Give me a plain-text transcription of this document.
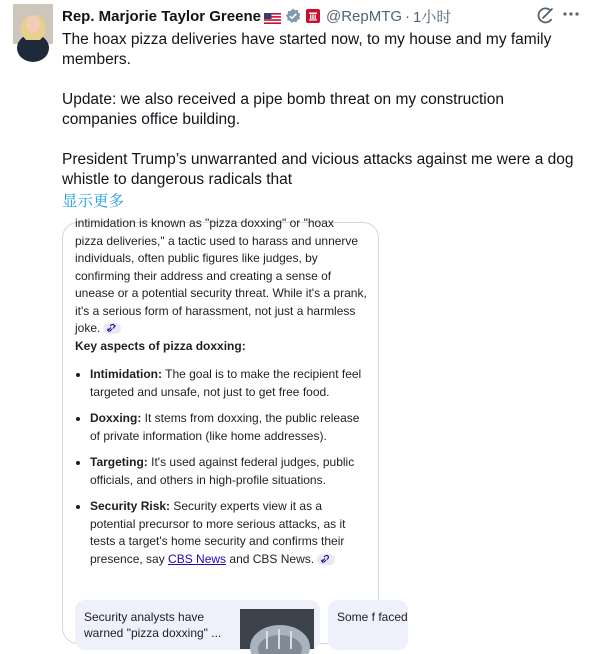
Rep. Marjorie Taylor Greene	@RepMTG · 1小时

The hoax pizza deliveries have started now, to my house and my family members.

Update: we also received a pipe bomb threat on my construction companies office building.

President Trump’s unwarranted and vicious attacks against me were a dog whistle to dangerous radicals that

显示更多

intimidation is known as "pizza doxxing" or "hoax

pizza deliveries," a tactic used to harass and unnerve individuals, often public figures like judges, by confirming their address and creating a sense of unease or a potential security threat. While it's a prank, it's a serious form of harassment, not just a harmless joke.

Key aspects of pizza doxxing:

Intimidation: The goal is to make the recipient feel targeted and unsafe, not just to get free food.
Doxxing: It stems from doxxing, the public release of private information (like home addresses).
Targeting: It's used against federal judges, public officials, and others in high-profile situations.
Security Risk: Security experts view it as a potential precursor to more serious attacks, as it tests a target's home security and confirms their presence, say CBS News and CBS News.
Security analysts have warned "pizza doxxing" ...
Some f faced
